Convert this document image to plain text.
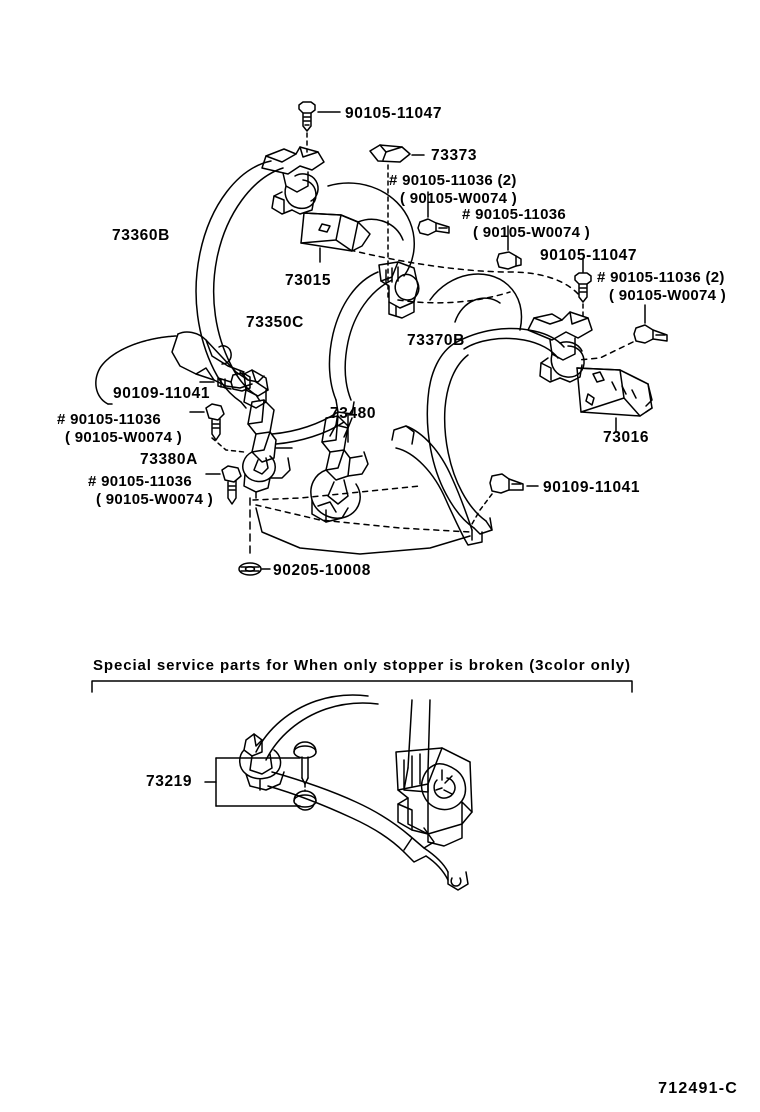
90105-11047
73373
# 90105-11036 (2)
( 90105-W0074 )
# 90105-11036
( 90105-W0074 )
90105-11047
# 90105-11036 (2)
( 90105-W0074 )
73360B
73015
73350C
73370B
73016
90109-11041
# 90105-11036
( 90105-W0074 )
73380A
# 90105-11036
( 90105-W0074 )
73480
90109-11041
90205-10008
Special service parts for When only stopper is broken (3color only)
73219
712491-C
